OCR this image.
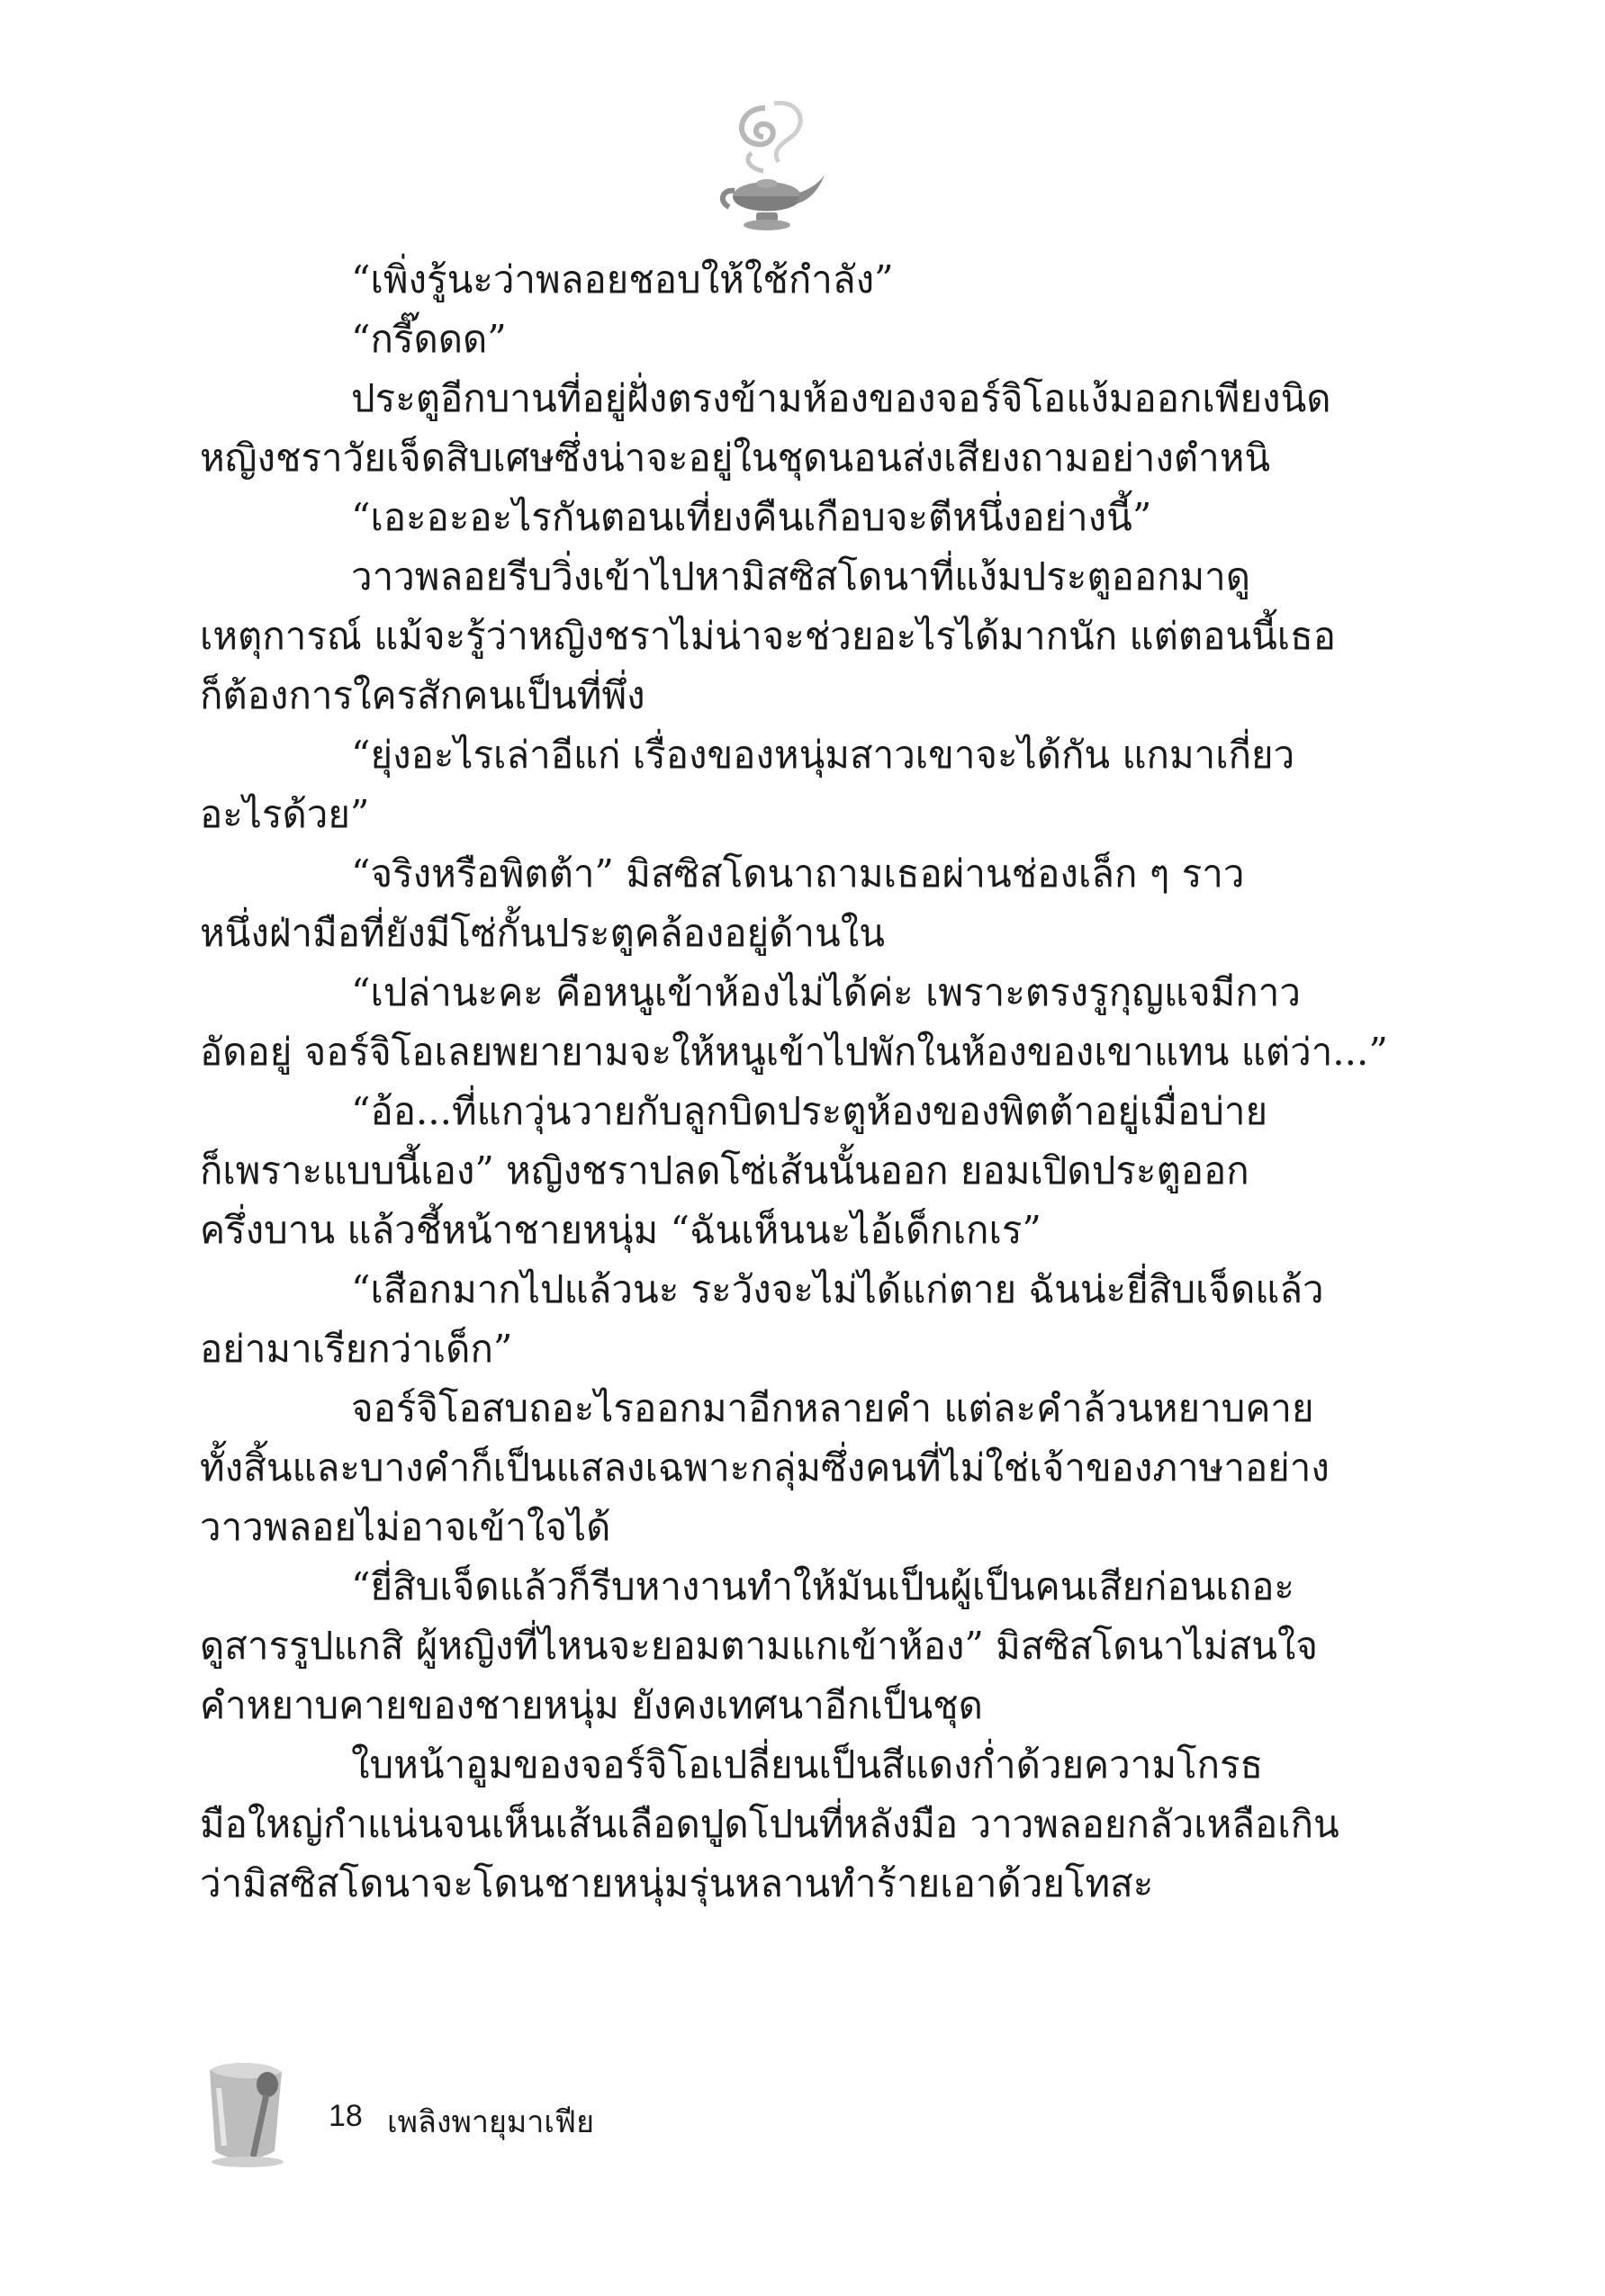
“เพิ่งรู้นะว่าพลอยชอบให้ใช้กำลัง”
“กรี๊ดดด”
ประตูอีกบานที่อยู่ฝั่งตรงข้ามห้องของจอร์จิโอแง้มออกเพียงนิด
หญิงชราวัยเจ็ดสิบเศษซึ่งน่าจะอยู่ในชุดนอนส่งเสียงถามอย่างตำหนิ
“เอะอะอะไรกันตอนเที่ยงคืนเกือบจะตีหนึ่งอย่างนี้”
วาวพลอยรีบวิ่งเข้าไปหามิสซิสโดนาที่แง้มประตูออกมาดู
เหตุการณ์ แม้จะรู้ว่าหญิงชราไม่น่าจะช่วยอะไรได้มากนัก แต่ตอนนี้เธอ
ก็ต้องการใครสักคนเป็นที่พึ่ง
“ยุ่งอะไรเล่าอีแก่ เรื่องของหนุ่มสาวเขาจะได้กัน แกมาเกี่ยว
อะไรด้วย”
“จริงหรือพิตต้า” มิสซิสโดนาถามเธอผ่านช่องเล็ก ๆ ราว
หนึ่งฝ่ามือที่ยังมีโซ่กั้นประตูคล้องอยู่ด้านใน
“เปล่านะคะ คือหนูเข้าห้องไม่ได้ค่ะ เพราะตรงรูกุญแจมีกาว
อัดอยู่ จอร์จิโอเลยพยายามจะให้หนูเข้าไปพักในห้องของเขาแทน แต่ว่า...”
“อ้อ...ที่แกวุ่นวายกับลูกบิดประตูห้องของพิตต้าอยู่เมื่อบ่าย
ก็เพราะแบบนี้เอง” หญิงชราปลดโซ่เส้นนั้นออก ยอมเปิดประตูออก
ครึ่งบาน แล้วชี้หน้าชายหนุ่ม “ฉันเห็นนะไอ้เด็กเกเร”
“เสือกมากไปแล้วนะ ระวังจะไม่ได้แก่ตาย ฉันน่ะยี่สิบเจ็ดแล้ว
อย่ามาเรียกว่าเด็ก”
จอร์จิโอสบถอะไรออกมาอีกหลายคำ แต่ละคำล้วนหยาบคาย
ทั้งสิ้นและบางคำก็เป็นแสลงเฉพาะกลุ่มซึ่งคนที่ไม่ใช่เจ้าของภาษาอย่าง
วาวพลอยไม่อาจเข้าใจได้
“ยี่สิบเจ็ดแล้วก็รีบหางานทำให้มันเป็นผู้เป็นคนเสียก่อนเถอะ
ดูสารรูปแกสิ ผู้หญิงที่ไหนจะยอมตามแกเข้าห้อง” มิสซิสโดนาไม่สนใจ
คำหยาบคายของชายหนุ่ม ยังคงเทศนาอีกเป็นชุด
ใบหน้าอูมของจอร์จิโอเปลี่ยนเป็นสีแดงก่ำด้วยความโกรธ
มือใหญ่กำแน่นจนเห็นเส้นเลือดปูดโปนที่หลังมือ วาวพลอยกลัวเหลือเกิน
ว่ามิสซิสโดนาจะโดนชายหนุ่มรุ่นหลานทำร้ายเอาด้วยโทสะ
18 เพลิงพายุมาเฟีย
